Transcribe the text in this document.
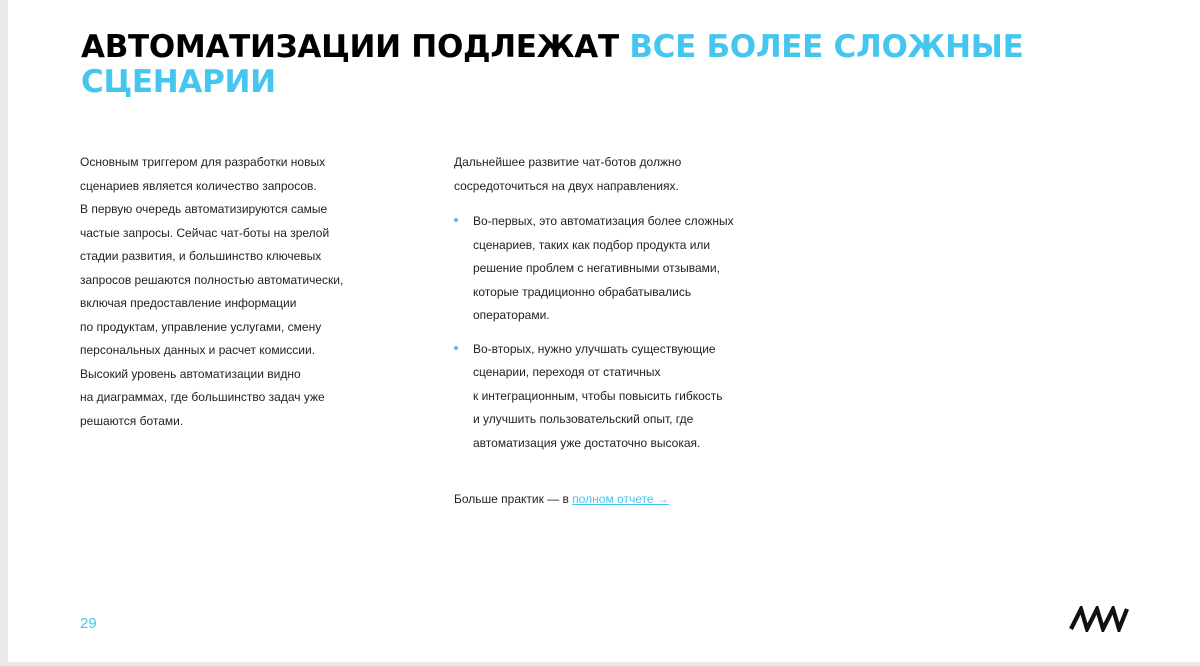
АВТОМАТИЗАЦИИ ПОДЛЕЖАТ ВСЕ БОЛЕЕ СЛОЖНЫЕ
СЦЕНАРИИ
Основным триггером для разработки новых
сценариев является количество запросов.
В первую очередь автоматизируются самые
частые запросы. Сейчас чат-боты на зрелой
стадии развития, и большинство ключевых
запросов решаются полностью автоматически,
включая предоставление информации
по продуктам, управление услугами, смену
персональных данных и расчет комиссии.
Высокий уровень автоматизации видно
на диаграммах, где большинство задач уже
решаются ботами.
Дальнейшее развитие чат-ботов должно
сосредоточиться на двух направлениях.
Во-первых, это автоматизация более сложных
сценариев, таких как подбор продукта или
решение проблем с негативными отзывами,
которые традиционно обрабатывались
операторами.
Во-вторых, нужно улучшать существующие
сценарии, переходя от статичных
к интеграционным, чтобы повысить гибкость
и улучшить пользовательский опыт, где
автоматизация уже достаточно высокая.
Больше практик — в полном отчете →
29
